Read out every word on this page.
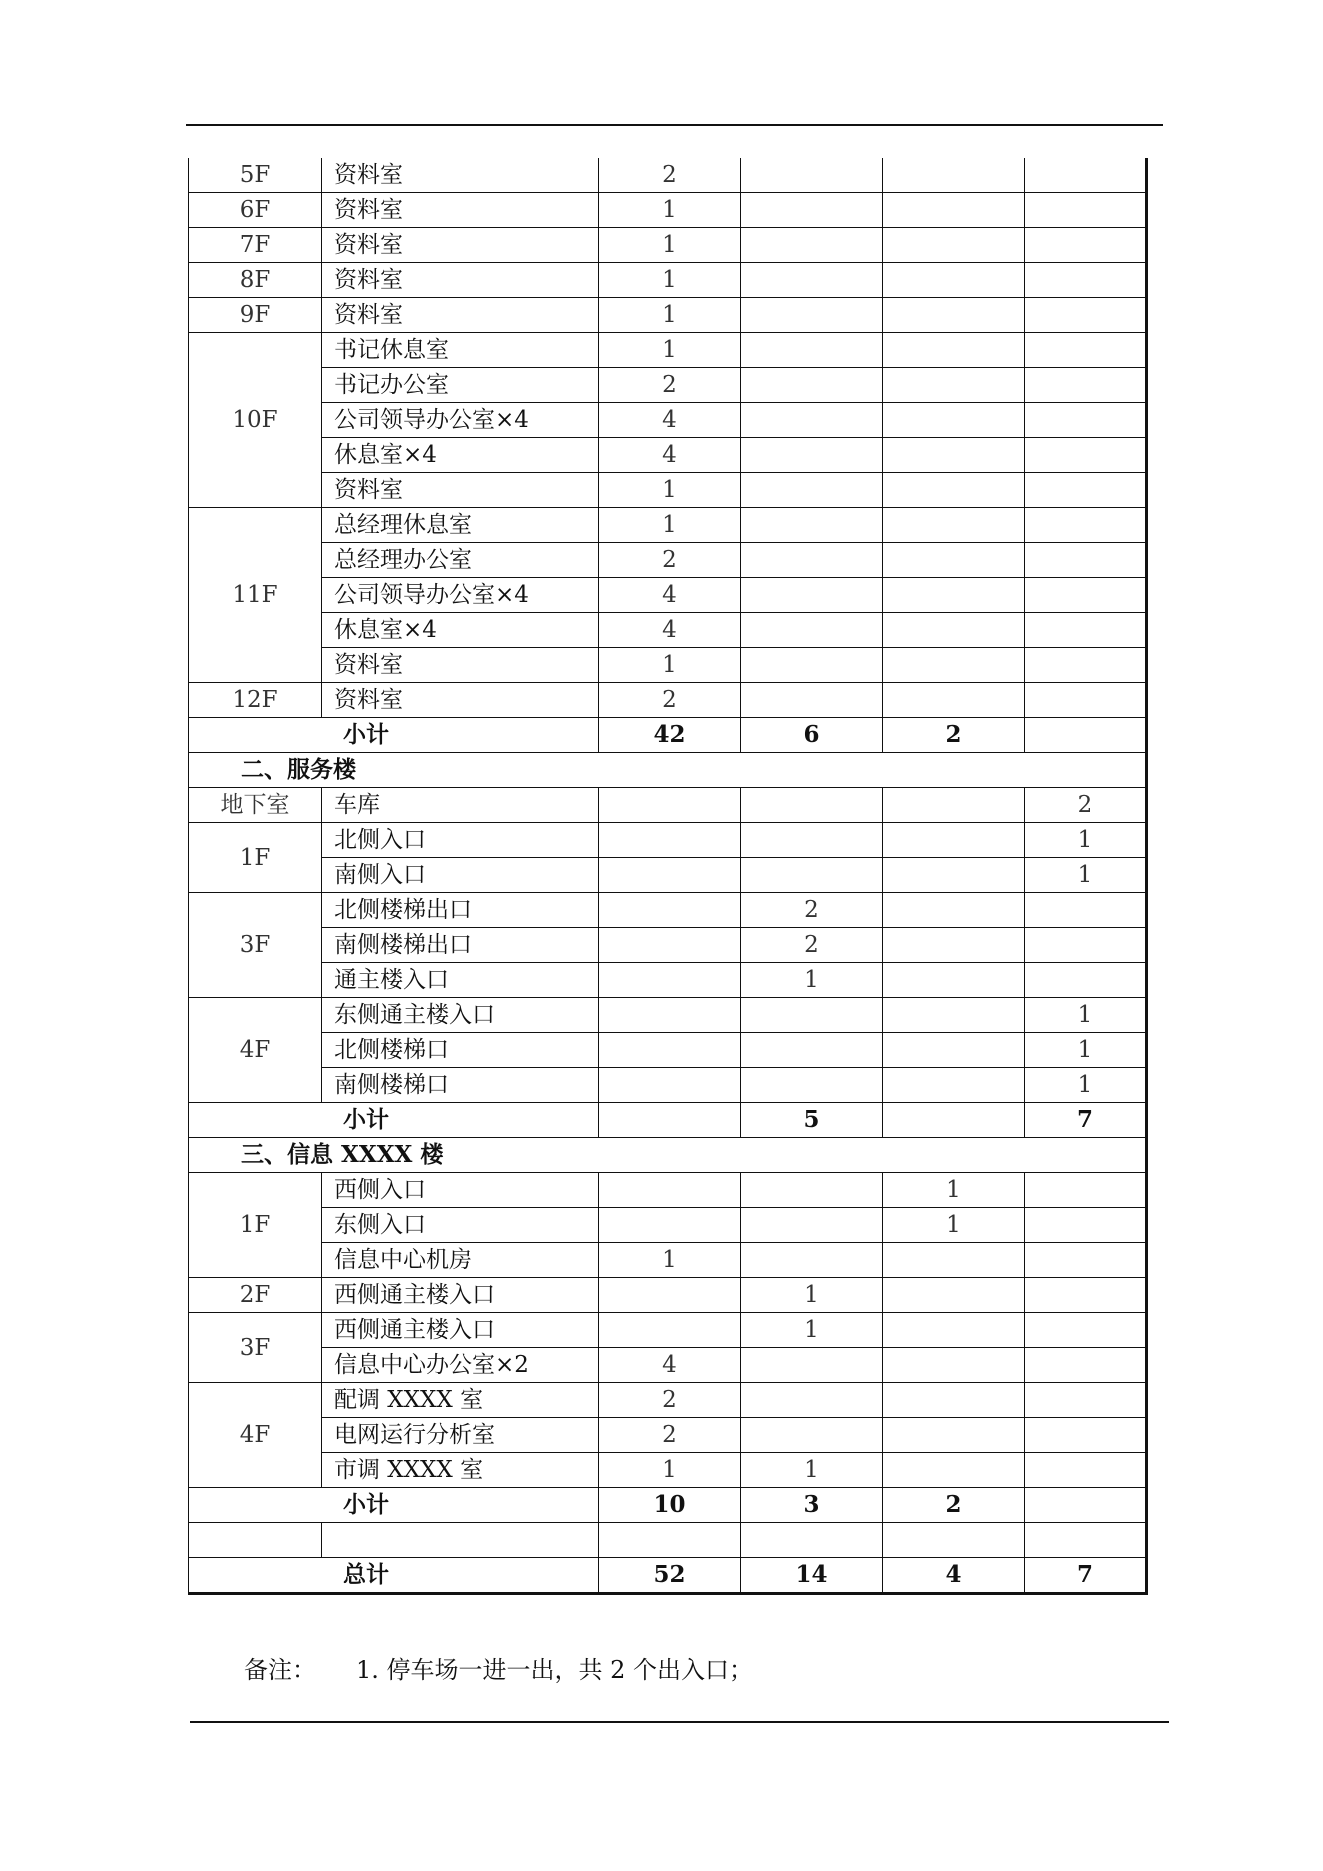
5F	资料室	2			
6F	资料室	1			
7F	资料室	1			
8F	资料室	1			
9F	资料室	1			
10F	书记休息室	1			
	书记办公室	2			
	公司领导办公室×4	4			
	休息室×4	4			
	资料室	1			
11F	总经理休息室	1			
	总经理办公室	2			
	公司领导办公室×4	4			
	休息室×4	4			
	资料室	1			
12F	资料室	2			
小计		42	6	2	
二、服务楼					
地下室	车库				2
1F	北侧入口				1
	南侧入口				1
3F	北侧楼梯出口		2		
	南侧楼梯出口		2		
	通主楼入口		1		
4F	东侧通主楼入口				1
	北侧楼梯口				1
	南侧楼梯口				1
小计			5		7
三、信息 XXXX 楼					
1F	西侧入口			1	
	东侧入口			1	
	信息中心机房	1			
2F	西侧通主楼入口		1		
3F	西侧通主楼入口		1		
	信息中心办公室×2	4			
4F	配调 XXXX 室	2			
	电网运行分析室	2			
	市调 XXXX 室	1	1		
小计		10	3	2	

总计		52	14	4	7
备注： 1. 停车场一进一出，共 2 个出入口；
